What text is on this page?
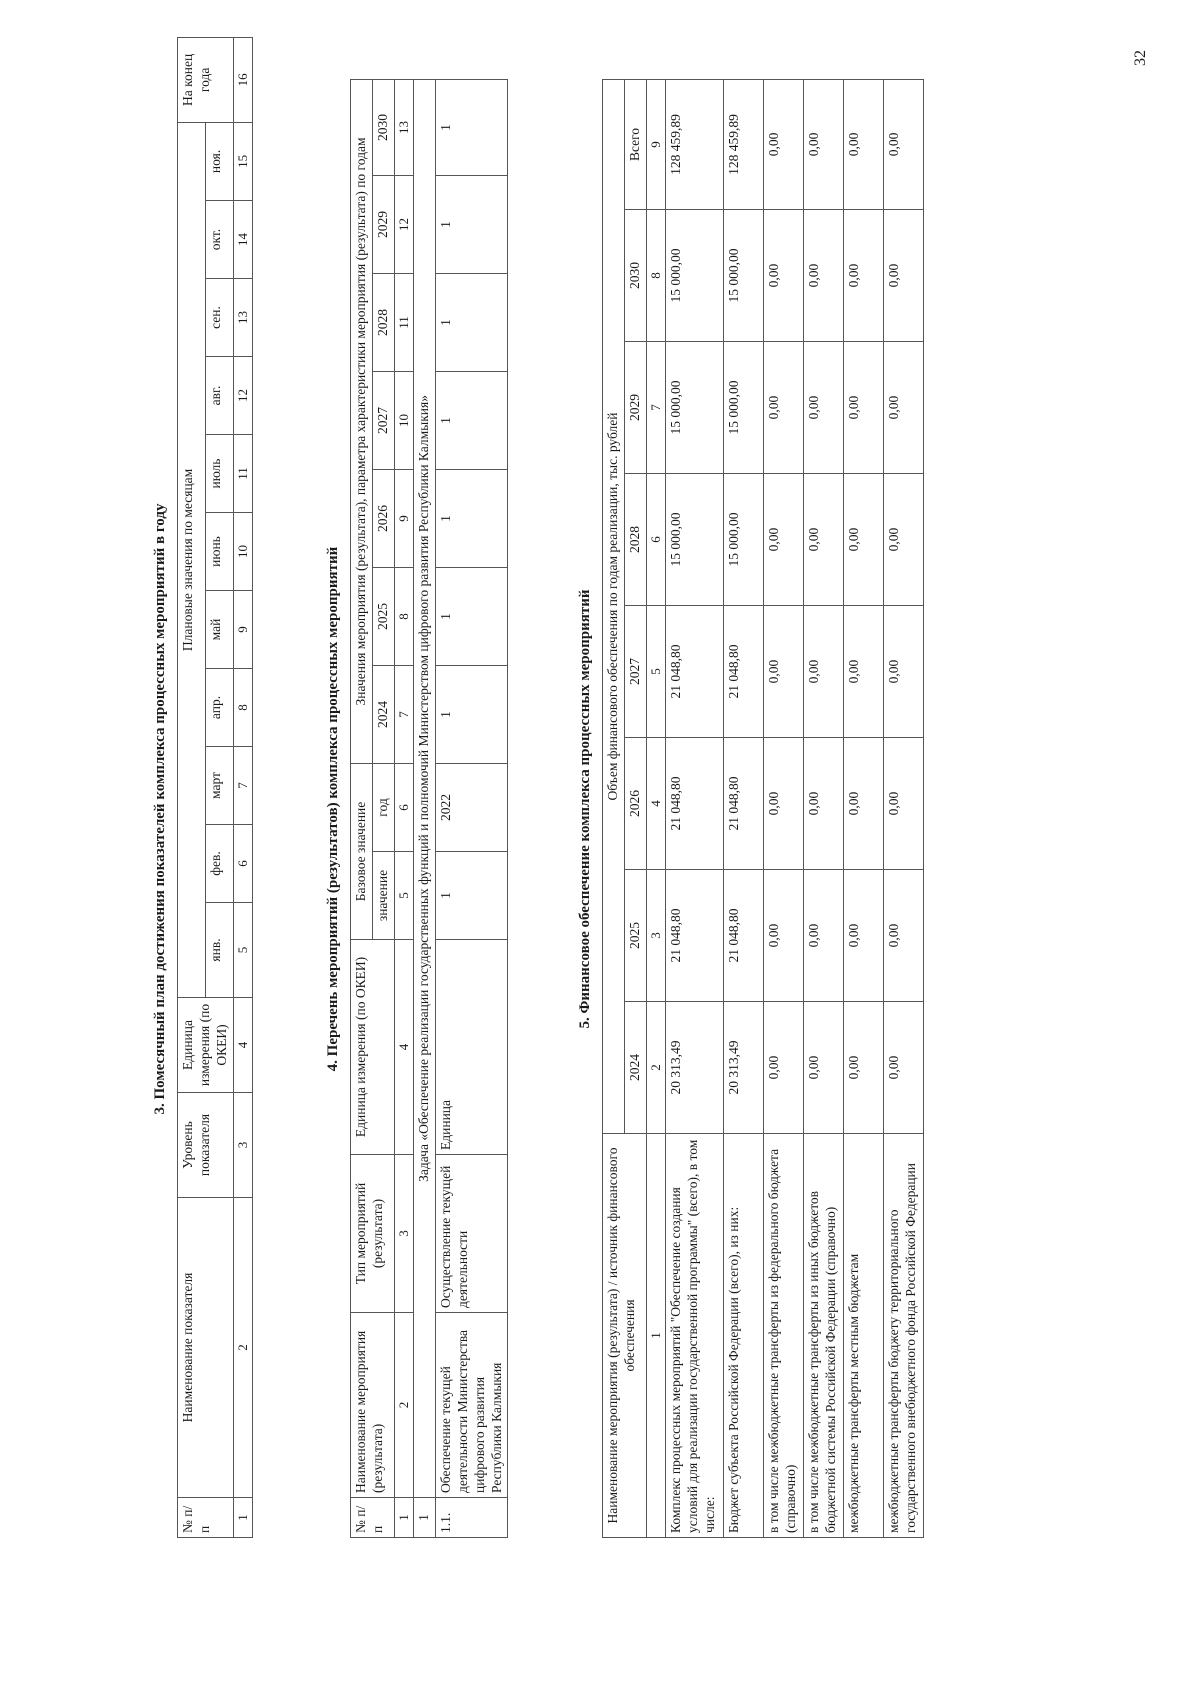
32
3. Помесячный план достижения показателей комплекса процессных мероприятий в году
№ п/п	Наименование показателя	Уровень показателя	Единица измерения (по ОКЕИ)	Плановые значения по месяцам											На конец года
				янв.	фев.	март	апр.	май	июнь	июль	авг.	сен.	окт.	ноя.	
1	2	3	4	5	6	7	8	9	10	11	12	13	14	15	16
4. Перечень мероприятий (результатов) комплекса процессных мероприятий
№ п/п	Наименование мероприятия (результата)	Тип мероприятий (результата)	Единица измерения (по ОКЕИ)	Базовое значение		Значения мероприятия (результата), параметра характеристики мероприятия (результата) по годам						
				значение	год	2024	2025	2026	2027	2028	2029	2030
1	2	3	4	5	6	7	8	9	10	11	12	13
1	Задача «Обеспечение реализации государственных функций и полномочий Министерством цифрового развития Республики Калмыкия»											
1.1.	Обеспечение текущей деятельности Министерства цифрового развития Республики Калмыкия	Осуществление текущей деятельности	Единица	1	2022	1	1	1	1	1	1	1
5. Финансовое обеспечение комплекса процессных мероприятий
Наименование мероприятия (результата) / источник финансового обеспечения	Объем финансового обеспечения по годам реализации, тыс. рублей							
	2024	2025	2026	2027	2028	2029	2030	Всего
1	2	3	4	5	6	7	8	9
Комплекс процессных мероприятий "Обеспечение создания условий для реализации государственной программы" (всего), в том числе:	20 313,49	21 048,80	21 048,80	21 048,80	15 000,00	15 000,00	15 000,00	128 459,89
Бюджет субъекта Российской Федерации (всего), из них:	20 313,49	21 048,80	21 048,80	21 048,80	15 000,00	15 000,00	15 000,00	128 459,89
в том числе межбюджетные трансферты из федерального бюджета (справочно)	0,00	0,00	0,00	0,00	0,00	0,00	0,00	0,00
в том числе межбюджетные трансферты из иных бюджетов бюджетной системы Российской Федерации (справочно)	0,00	0,00	0,00	0,00	0,00	0,00	0,00	0,00
межбюджетные трансферты местным бюджетам	0,00	0,00	0,00	0,00	0,00	0,00	0,00	0,00
межбюджетные трансферты бюджету территориального государственного внебюджетного фонда Российской Федерации	0,00	0,00	0,00	0,00	0,00	0,00	0,00	0,00
